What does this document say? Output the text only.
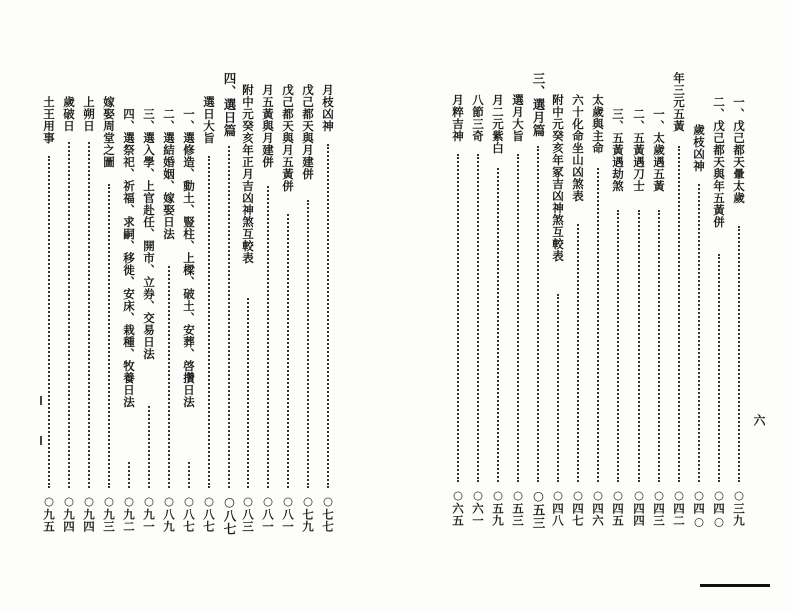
六
一、戊己都天暈太歲
○三九
二、戊己都天與年五黃併
○四○
歲枝凶神
○四○
年三元五黃
○四二
一、太歲遇五黃
○四三
二、五黃遇刀士
○四四
三、五黃遇劫煞
○四五
太歲與主命
○四六
六十化命坐山凶煞表
○四七
附中元癸亥年冢吉凶神煞互較表
○四八
三、選月篇
○五三
選月大旨
○五三
月二元紫白
○五九
八節三奇
○六一
月粹吉神
○六五
月枝凶神
○七七
戊己都天與月建併
○七九
戊己都天與月五黃併
○八一
月五黃與月建併
○八一
附中元癸亥年正月吉凶神煞互較表
○八三
四、選日篇
○八七
選日大旨
○八七
一、選修造、動土、豎柱、上樑、破土、安葬、啓攢日法
○八七
二、選結婚姻、嫁娶日法
○八九
三、選入學、上官赴任、開市、立券、交易日法
○九一
四、選祭祀、祈福、求嗣、移徙、安床、栽種、牧養日法
○九二
嫁娶周堂之圖
○九三
上朔日
○九四
歲破日
○九四
土王用事
○九五
